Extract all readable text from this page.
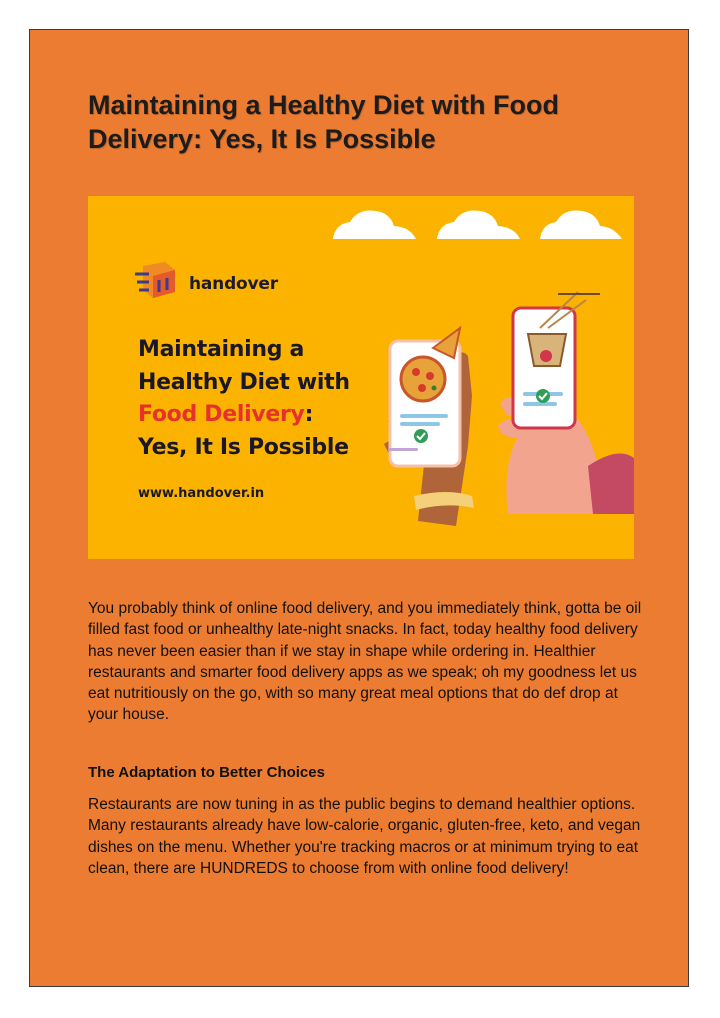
Maintaining a Healthy Diet with Food Delivery: Yes, It Is Possible
handover
Maintaining a
Healthy Diet with
Food Delivery:
Yes, It Is Possible
www.handover.in

You probably think of online food delivery, and you immediately think, gotta be oil filled fast food or unhealthy late-night snacks. In fact, today healthy food delivery has never been easier than if we stay in shape while ordering in. Healthier restaurants and smarter food delivery apps as we speak; oh my goodness let us eat nutritiously on the go, with so many great meal options that do def drop at your house.

The Adaptation to Better Choices

Restaurants are now tuning in as the public begins to demand healthier options. Many restaurants already have low-calorie, organic, gluten-free, keto, and vegan dishes on the menu. Whether you're tracking macros or at minimum trying to eat clean, there are HUNDREDS to choose from with online food delivery!
